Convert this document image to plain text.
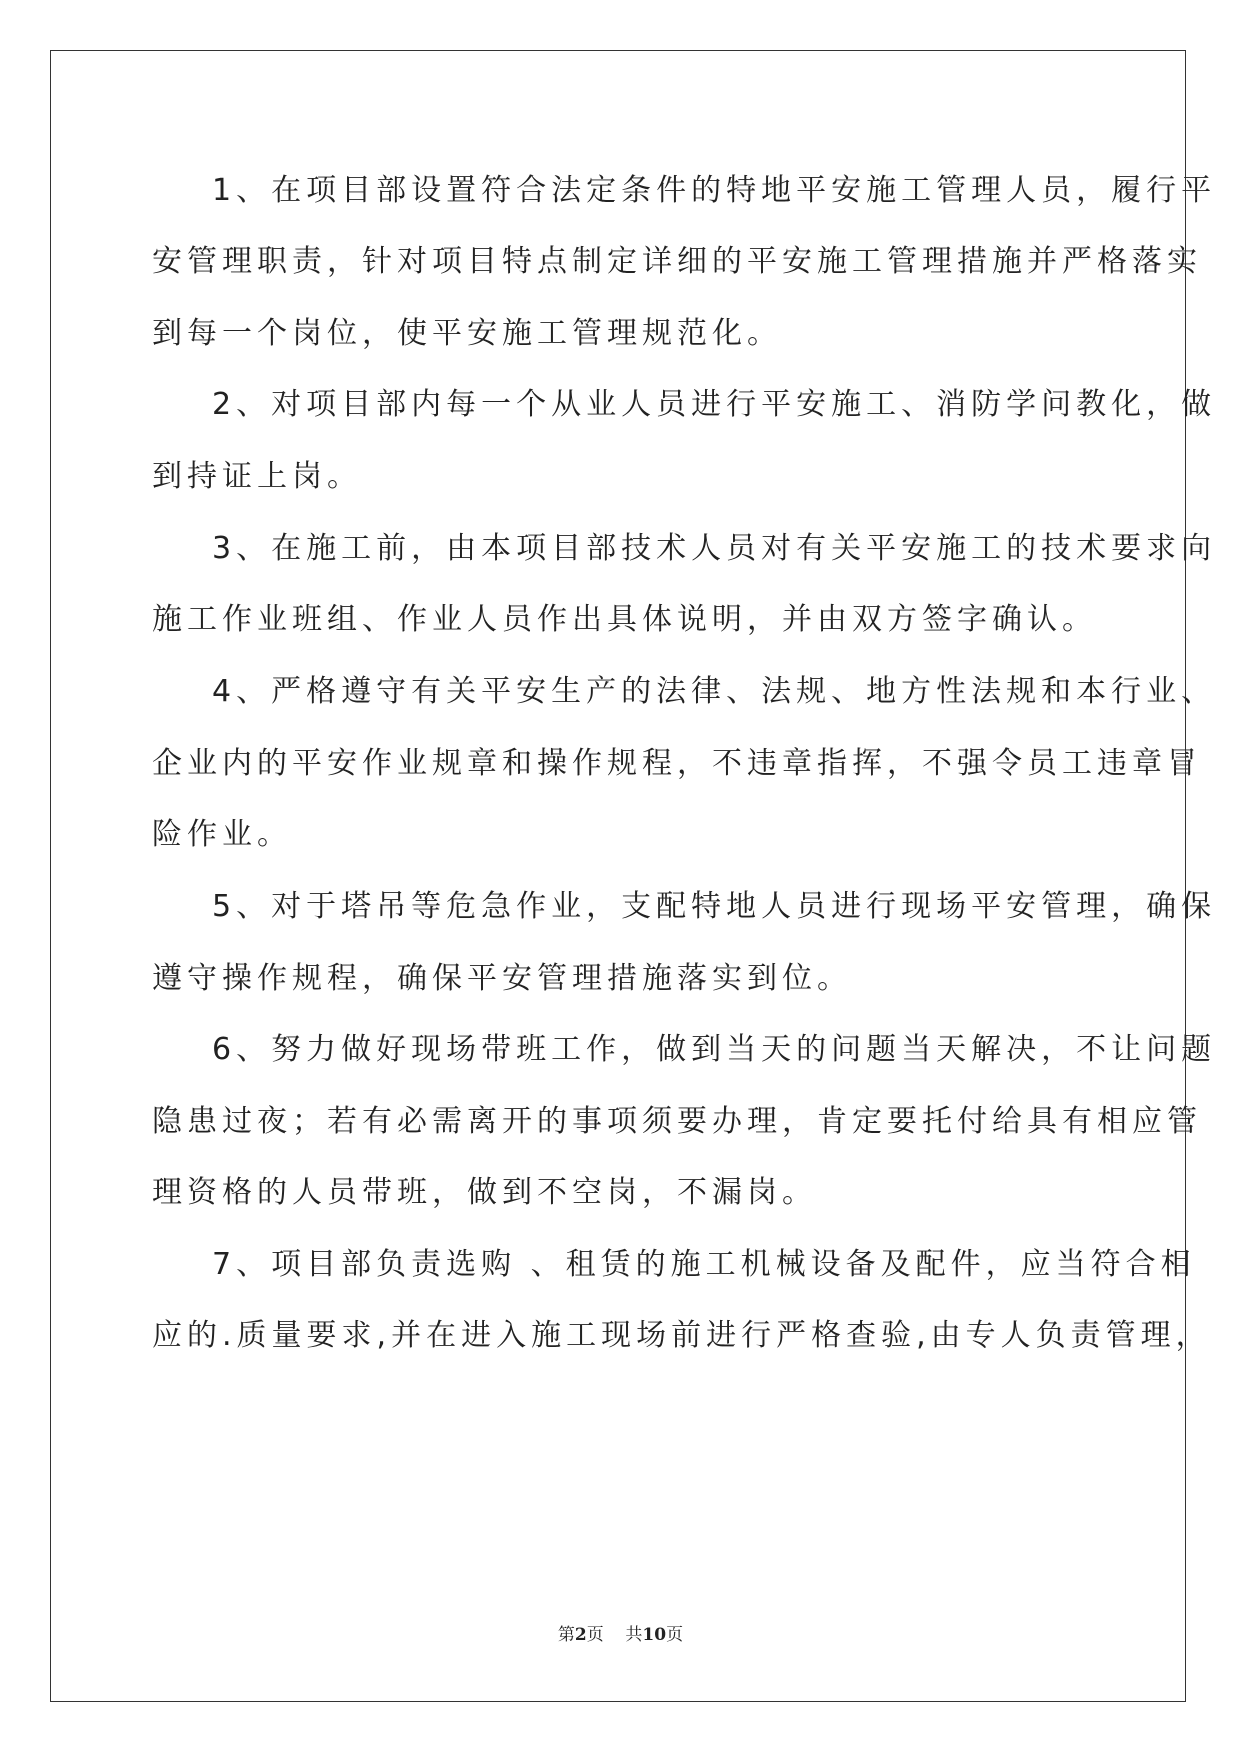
1、在项目部设置符合法定条件的特地平安施工管理人员，履行平
安管理职责，针对项目特点制定详细的平安施工管理措施并严格落实
到每一个岗位，使平安施工管理规范化。
2、对项目部内每一个从业人员进行平安施工、消防学问教化，做
到持证上岗。
3、在施工前，由本项目部技术人员对有关平安施工的技术要求向
施工作业班组、作业人员作出具体说明，并由双方签字确认。
4、严格遵守有关平安生产的法律、法规、地方性法规和本行业、
企业内的平安作业规章和操作规程，不违章指挥，不强令员工违章冒
险作业。
5、对于塔吊等危急作业，支配特地人员进行现场平安管理，确保
遵守操作规程，确保平安管理措施落实到位。
6、努力做好现场带班工作，做到当天的问题当天解决，不让问题
隐患过夜；若有必需离开的事项须要办理，肯定要托付给具有相应管
理资格的人员带班，做到不空岗，不漏岗。
7、项目部负责选购 、租赁的施工机械设备及配件，应当符合相
应的.质量要求,并在进入施工现场前进行严格查验,由专人负责管理，
第2页 共10页
